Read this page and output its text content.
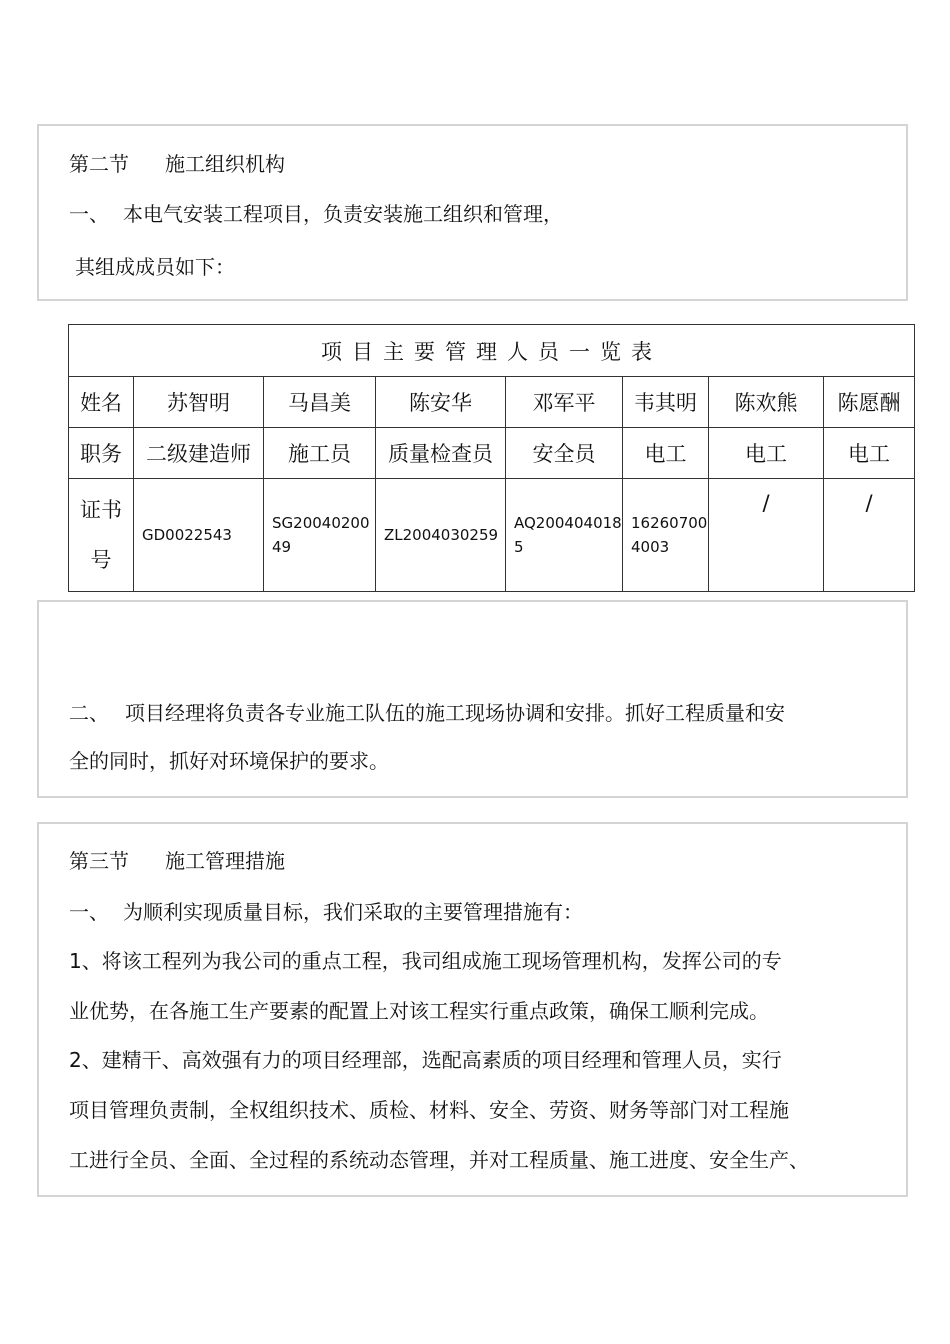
第二节 施工组织机构
一、 本电气安装工程项目，负责安装施工组织和管理，
其组成成员如下：
项目主要管理人员一览表							
姓名	苏智明	马昌美	陈安华	邓军平	韦其明	陈欢熊	陈愿酬
职务	二级建造师	施工员	质量检查员	安全员	电工	电工	电工

证书
号	GD0022543	SG2004020049	ZL2004030259	AQ2004040185	162607004003	/	/
二、 项目经理将负责各专业施工队伍的施工现场协调和安排。抓好工程质量和安
全的同时，抓好对环境保护的要求。
第三节 施工管理措施
一、 为顺利实现质量目标，我们采取的主要管理措施有：
1、将该工程列为我公司的重点工程，我司组成施工现场管理机构，发挥公司的专
业优势，在各施工生产要素的配置上对该工程实行重点政策，确保工顺利完成。
2、建精干、高效强有力的项目经理部，选配高素质的项目经理和管理人员，实行
项目管理负责制，全权组织技术、质检、材料、安全、劳资、财务等部门对工程施
工进行全员、全面、全过程的系统动态管理，并对工程质量、施工进度、安全生产、
